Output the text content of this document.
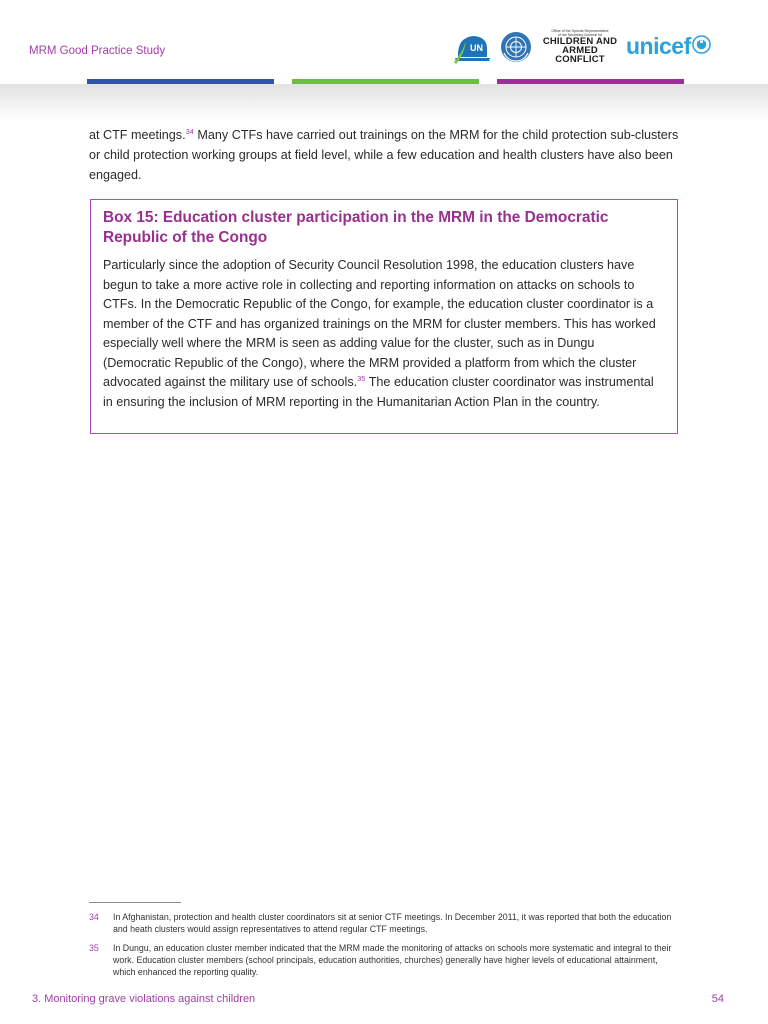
MRM Good Practice Study	UN
Office of the Special Representative
of the Secretary-General for
CHILDREN AND
ARMED CONFLICT
unicef

at CTF meetings.$^{34}$ Many CTFs have carried out trainings on the MRM for the child protection sub-clusters or child protection working groups at field level, while a few education and health clusters have also been engaged.

Box 15: Education cluster participation in the MRM in the Democratic Republic of the Congo

Particularly since the adoption of Security Council Resolution 1998, the education clusters have begun to take a more active role in collecting and reporting information on attacks on schools to CTFs. In the Democratic Republic of the Congo, for example, the education cluster coordinator is a member of the CTF and has organized trainings on the MRM for cluster members. This has worked especially well where the MRM is seen as adding value for the cluster, such as in Dungu (Democratic Republic of the Congo), where the MRM provided a platform from which the cluster advocated against the military use of schools.$^{35}$ The education cluster coordinator was instrumental in ensuring the inclusion of MRM reporting in the Humanitarian Action Plan in the country.

34 In Afghanistan, protection and health cluster coordinators sit at senior CTF meetings. In December 2011, it was reported that both the education and heath clusters would assign representatives to attend regular CTF meetings.
35 In Dungu, an education cluster member indicated that the MRM made the monitoring of attacks on schools more systematic and integral to their work. Education cluster members (school principals, education authorities, churches) generally have higher levels of educational attainment, which enhanced the reporting quality.
3. Monitoring grave violations against children	54
